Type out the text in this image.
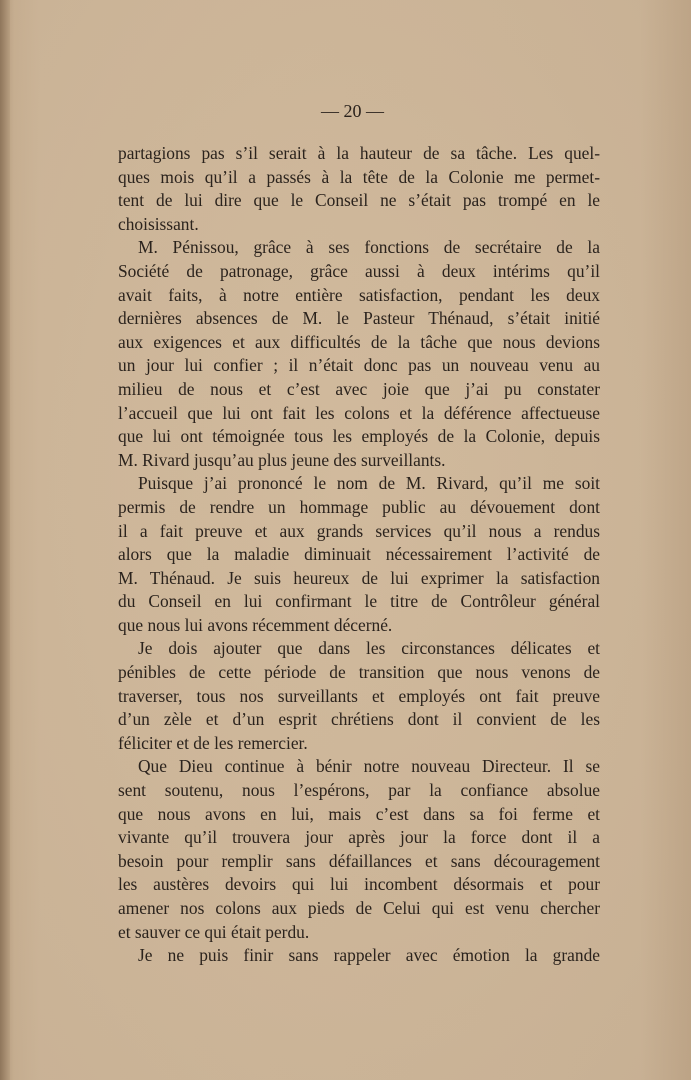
— 20 —
partagions pas s’il serait à la hauteur de sa tâche. Les quel-
ques mois qu’il a passés à la tête de la Colonie me permet-
tent de lui dire que le Conseil ne s’était pas trompé en le
choisissant.
M. Pénissou, grâce à ses fonctions de secrétaire de la
Société de patronage, grâce aussi à deux intérims qu’il
avait faits, à notre entière satisfaction, pendant les deux
dernières absences de M. le Pasteur Thénaud, s’était initié
aux exigences et aux difficultés de la tâche que nous devions
un jour lui confier ; il n’était donc pas un nouveau venu au
milieu de nous et c’est avec joie que j’ai pu constater
l’accueil que lui ont fait les colons et la déférence affectueuse
que lui ont témoignée tous les employés de la Colonie, depuis
M. Rivard jusqu’au plus jeune des surveillants.
Puisque j’ai prononcé le nom de M. Rivard, qu’il me soit
permis de rendre un hommage public au dévouement dont
il a fait preuve et aux grands services qu’il nous a rendus
alors que la maladie diminuait nécessairement l’activité de
M. Thénaud. Je suis heureux de lui exprimer la satisfaction
du Conseil en lui confirmant le titre de Contrôleur général
que nous lui avons récemment décerné.
Je dois ajouter que dans les circonstances délicates et
pénibles de cette période de transition que nous venons de
traverser, tous nos surveillants et employés ont fait preuve
d’un zèle et d’un esprit chrétiens dont il convient de les
féliciter et de les remercier.
Que Dieu continue à bénir notre nouveau Directeur. Il se
sent soutenu, nous l’espérons, par la confiance absolue
que nous avons en lui, mais c’est dans sa foi ferme et
vivante qu’il trouvera jour après jour la force dont il a
besoin pour remplir sans défaillances et sans découragement
les austères devoirs qui lui incombent désormais et pour
amener nos colons aux pieds de Celui qui est venu chercher
et sauver ce qui était perdu.
Je ne puis finir sans rappeler avec émotion la grande
